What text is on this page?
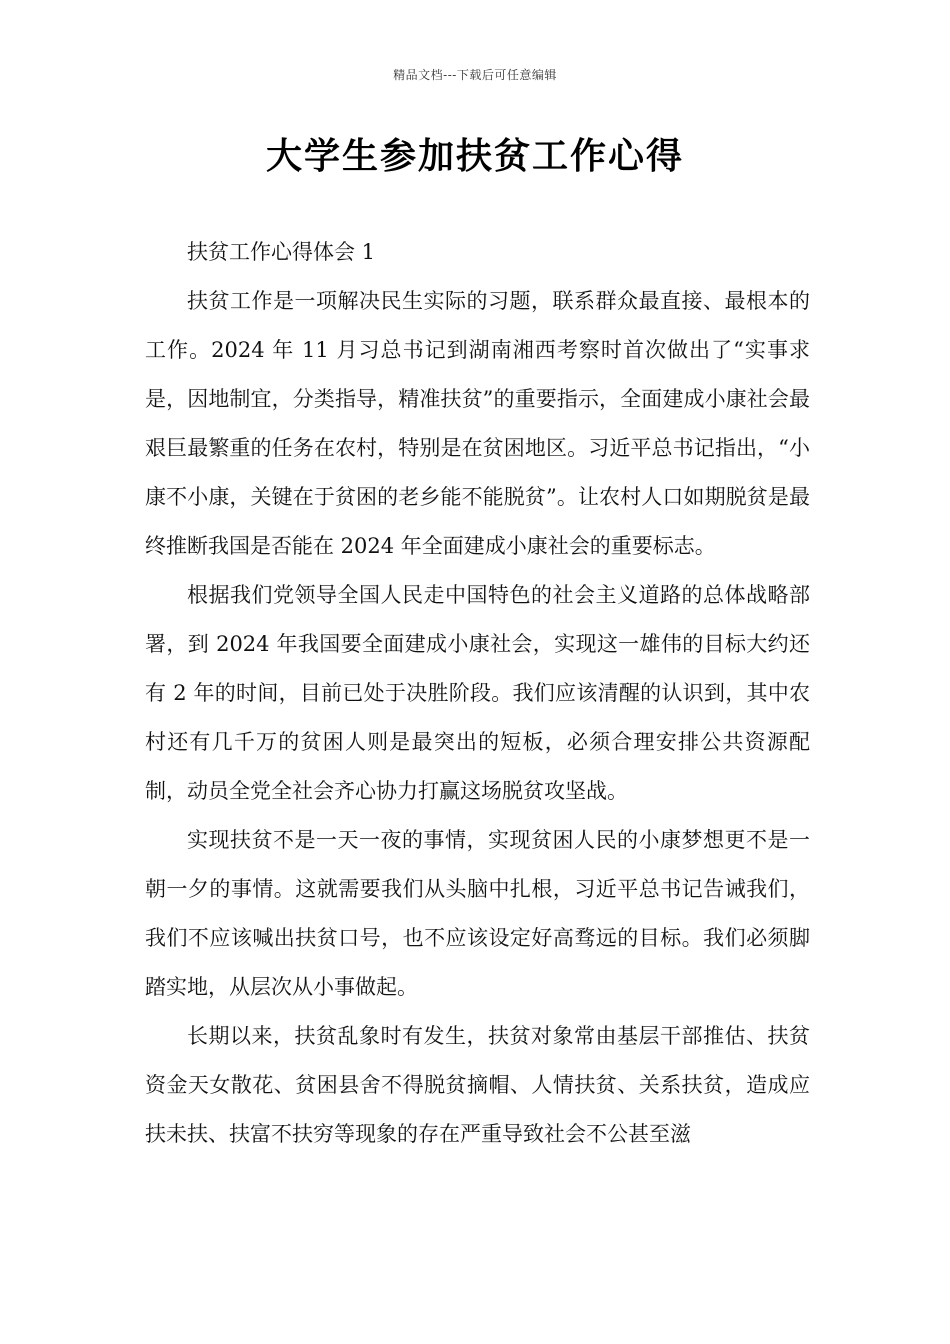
精品文档---下载后可任意编辑
大学生参加扶贫工作心得

扶贫工作心得体会 1

扶贫工作是一项解决民生实际的习题，联系群众最直接、最根本的工作。2024 年 11 月习总书记到湖南湘西考察时首次做出了“实事求是，因地制宜，分类指导，精准扶贫”的重要指示，全面建成小康社会最艰巨最繁重的任务在农村，特别是在贫困地区。习近平总书记指出，“小康不小康，关键在于贫困的老乡能不能脱贫”。让农村人口如期脱贫是最终推断我国是否能在 2024 年全面建成小康社会的重要标志。

根据我们党领导全国人民走中国特色的社会主义道路的总体战略部署，到 2024 年我国要全面建成小康社会，实现这一雄伟的目标大约还有 2 年的时间，目前已处于决胜阶段。我们应该清醒的认识到，其中农村还有几千万的贫困人则是最突出的短板，必须合理安排公共资源配制，动员全党全社会齐心协力打赢这场脱贫攻坚战。

实现扶贫不是一天一夜的事情，实现贫困人民的小康梦想更不是一朝一夕的事情。这就需要我们从头脑中扎根，习近平总书记告诫我们，我们不应该喊出扶贫口号，也不应该设定好高骛远的目标。我们必须脚踏实地，从层次从小事做起。

长期以来，扶贫乱象时有发生，扶贫对象常由基层干部推估、扶贫资金天女散花、贫困县舍不得脱贫摘帽、人情扶贫、关系扶贫，造成应扶未扶、扶富不扶穷等现象的存在严重导致社会不公甚至滋
